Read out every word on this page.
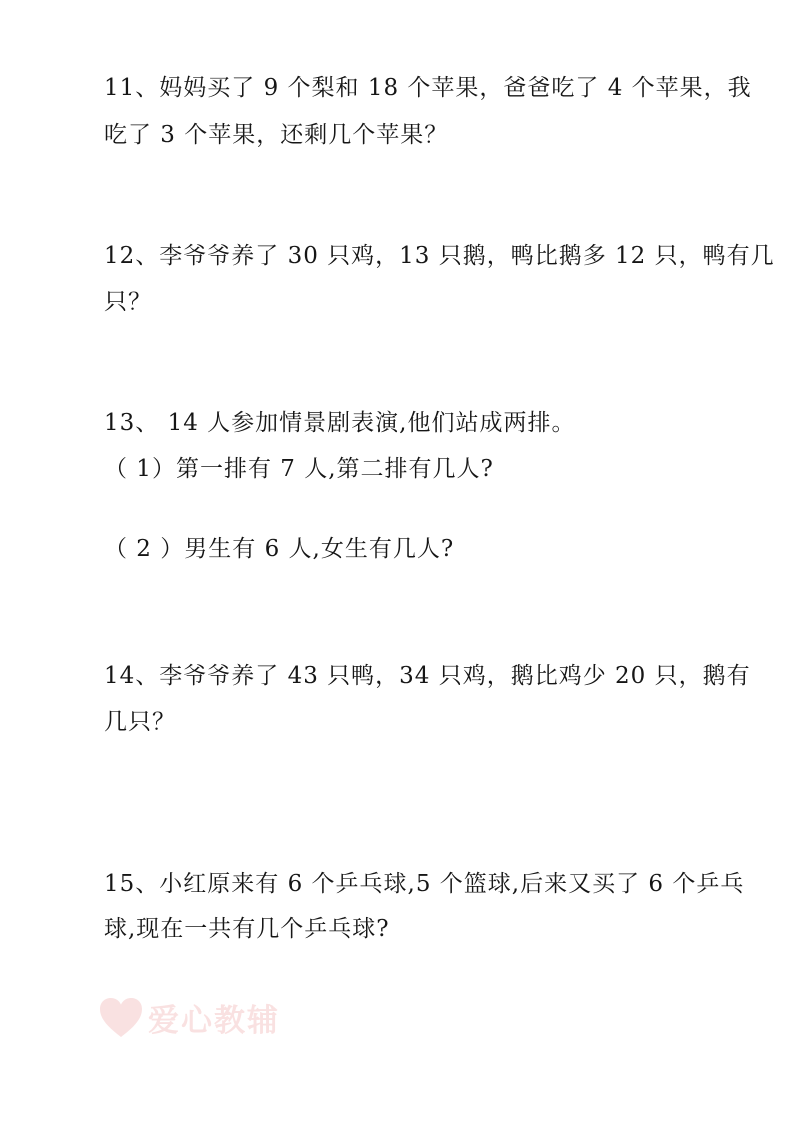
11、妈妈买了 9 个梨和 18 个苹果，爸爸吃了 4 个苹果，我
吃了 3 个苹果，还剩几个苹果？
12、李爷爷养了 30 只鸡，13 只鹅，鸭比鹅多 12 只，鸭有几
只？
13、 14 人参加情景剧表演,他们站成两排。
（ 1）第一排有 7 人,第二排有几人?
（ 2 ）男生有 6 人,女生有几人?
14、李爷爷养了 43 只鸭，34 只鸡，鹅比鸡少 20 只，鹅有
几只？
15、小红原来有 6 个乒乓球,5 个篮球,后来又买了 6 个乒乓
球,现在一共有几个乒乓球?
爱心教辅
